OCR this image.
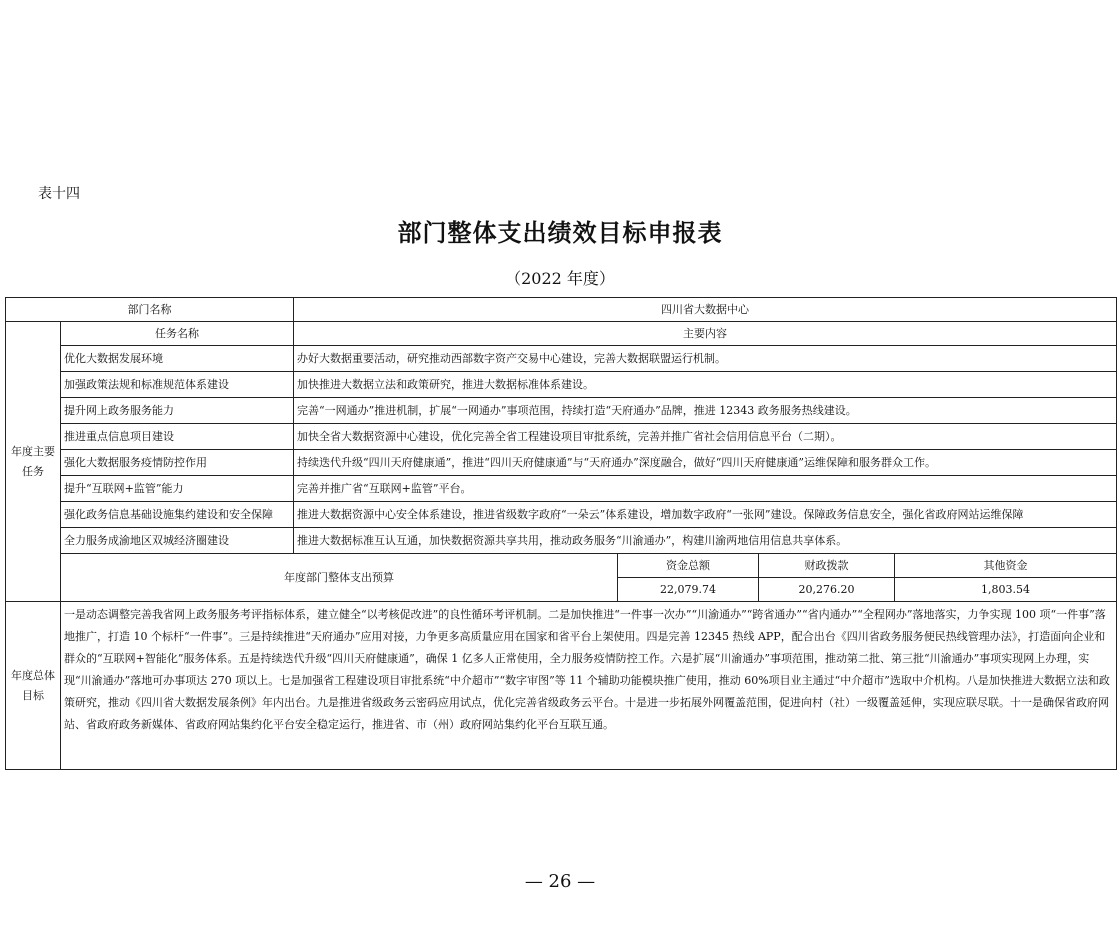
表十四
部门整体支出绩效目标申报表
（2022 年度）
部门名称		四川省大数据中心			
年度主要任务	任务名称	主要内容			
	优化大数据发展环境	办好大数据重要活动，研究推动西部数字资产交易中心建设，完善大数据联盟运行机制。			
	加强政策法规和标准规范体系建设	加快推进大数据立法和政策研究，推进大数据标准体系建设。			
	提升网上政务服务能力	完善“一网通办”推进机制，扩展“一网通办”事项范围，持续打造“天府通办”品牌，推进 12343 政务服务热线建设。			
	推进重点信息项目建设	加快全省大数据资源中心建设，优化完善全省工程建设项目审批系统，完善并推广省社会信用信息平台（二期）。			
	强化大数据服务疫情防控作用	持续迭代升级“四川天府健康通”，推进“四川天府健康通”与“天府通办”深度融合，做好“四川天府健康通”运维保障和服务群众工作。			
	提升“互联网+监管”能力	完善并推广省“互联网+监管”平台。			
	强化政务信息基础设施集约建设和安全保障	推进大数据资源中心安全体系建设，推进省级数字政府“一朵云”体系建设，增加数字政府“一张网”建设。保障政务信息安全，强化省政府网站运维保障			
	全力服务成渝地区双城经济圈建设	推进大数据标准互认互通，加快数据资源共享共用，推动政务服务“川渝通办”，构建川渝两地信用信息共享体系。			
	年度部门整体支出预算		资金总额	财政拨款	其他资金
			22,079.74	20,276.20	1,803.54
年度总体目标	一是动态调整完善我省网上政务服务考评指标体系，建立健全“以考核促改进”的良性循环考评机制。二是加快推进“一件事一次办”“川渝通办”“跨省通办”“省内通办”“全程网办”落地落实，力争实现 100 项“一件事”落地推广，打造 10 个标杆“一件事”。三是持续推进“天府通办”应用对接，力争更多高质量应用在国家和省平台上架使用。四是完善 12345 热线 APP，配合出台《四川省政务服务便民热线管理办法》，打造面向企业和群众的“互联网+智能化”服务体系。五是持续迭代升级“四川天府健康通”，确保 1 亿多人正常使用，全力服务疫情防控工作。六是扩展“川渝通办”事项范围，推动第二批、第三批“川渝通办”事项实现网上办理，实现“川渝通办”落地可办事项达 270 项以上。七是加强省工程建设项目审批系统“中介超市”“数字审图”等 11 个辅助功能模块推广使用，推动 60%项目业主通过“中介超市”选取中介机构。八是加快推进大数据立法和政策研究，推动《四川省大数据发展条例》年内出台。九是推进省级政务云密码应用试点，优化完善省级政务云平台。十是进一步拓展外网覆盖范围，促进向村（社）一级覆盖延伸，实现应联尽联。十一是确保省政府网站、省政府政务新媒体、省政府网站集约化平台安全稳定运行，推进省、市（州）政府网站集约化平台互联互通。				
— 26 —
